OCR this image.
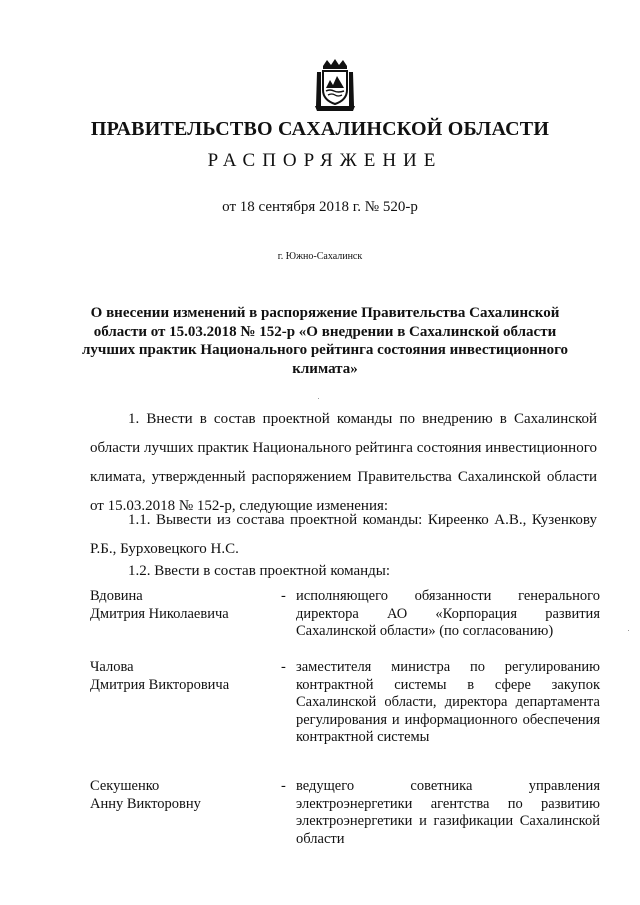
ПРАВИТЕЛЬСТВО САХАЛИНСКОЙ ОБЛАСТИ
РАСПОРЯЖЕНИЕ
от 18 сентября 2018 г. № 520-р
г. Южно-Сахалинск
О внесении изменений в распоряжение Правительства Сахалинской области от 15.03.2018 № 152-р «О внедрении в Сахалинской области лучших практик Национального рейтинга состояния инвестиционного климата»
1. Внести в состав проектной команды по внедрению в Сахалинской области лучших практик Национального рейтинга состояния инвестиционного климата, утвержденный распоряжением Правительства Сахалинской области от 15.03.2018 № 152-р, следующие изменения:
1.1. Вывести из состава проектной команды: Киреенко А.В., Кузенкову Р.Б., Бурховецкого Н.С.
1.2. Ввести в состав проектной команды:
Вдовина
Дмитрия Николаевича
- исполняющего обязанности генерального директора АО «Корпорация развития Сахалинской области» (по согласованию)
Чалова
Дмитрия Викторовича
- заместителя министра по регулированию контрактной системы в сфере закупок Сахалинской области, директора департамента регулирования и информационного обеспечения контрактной системы
Секушенко
Анну Викторовну
- ведущего советника управления электроэнергетики агентства по развитию электроэнергетики и газификации Сахалинской области
